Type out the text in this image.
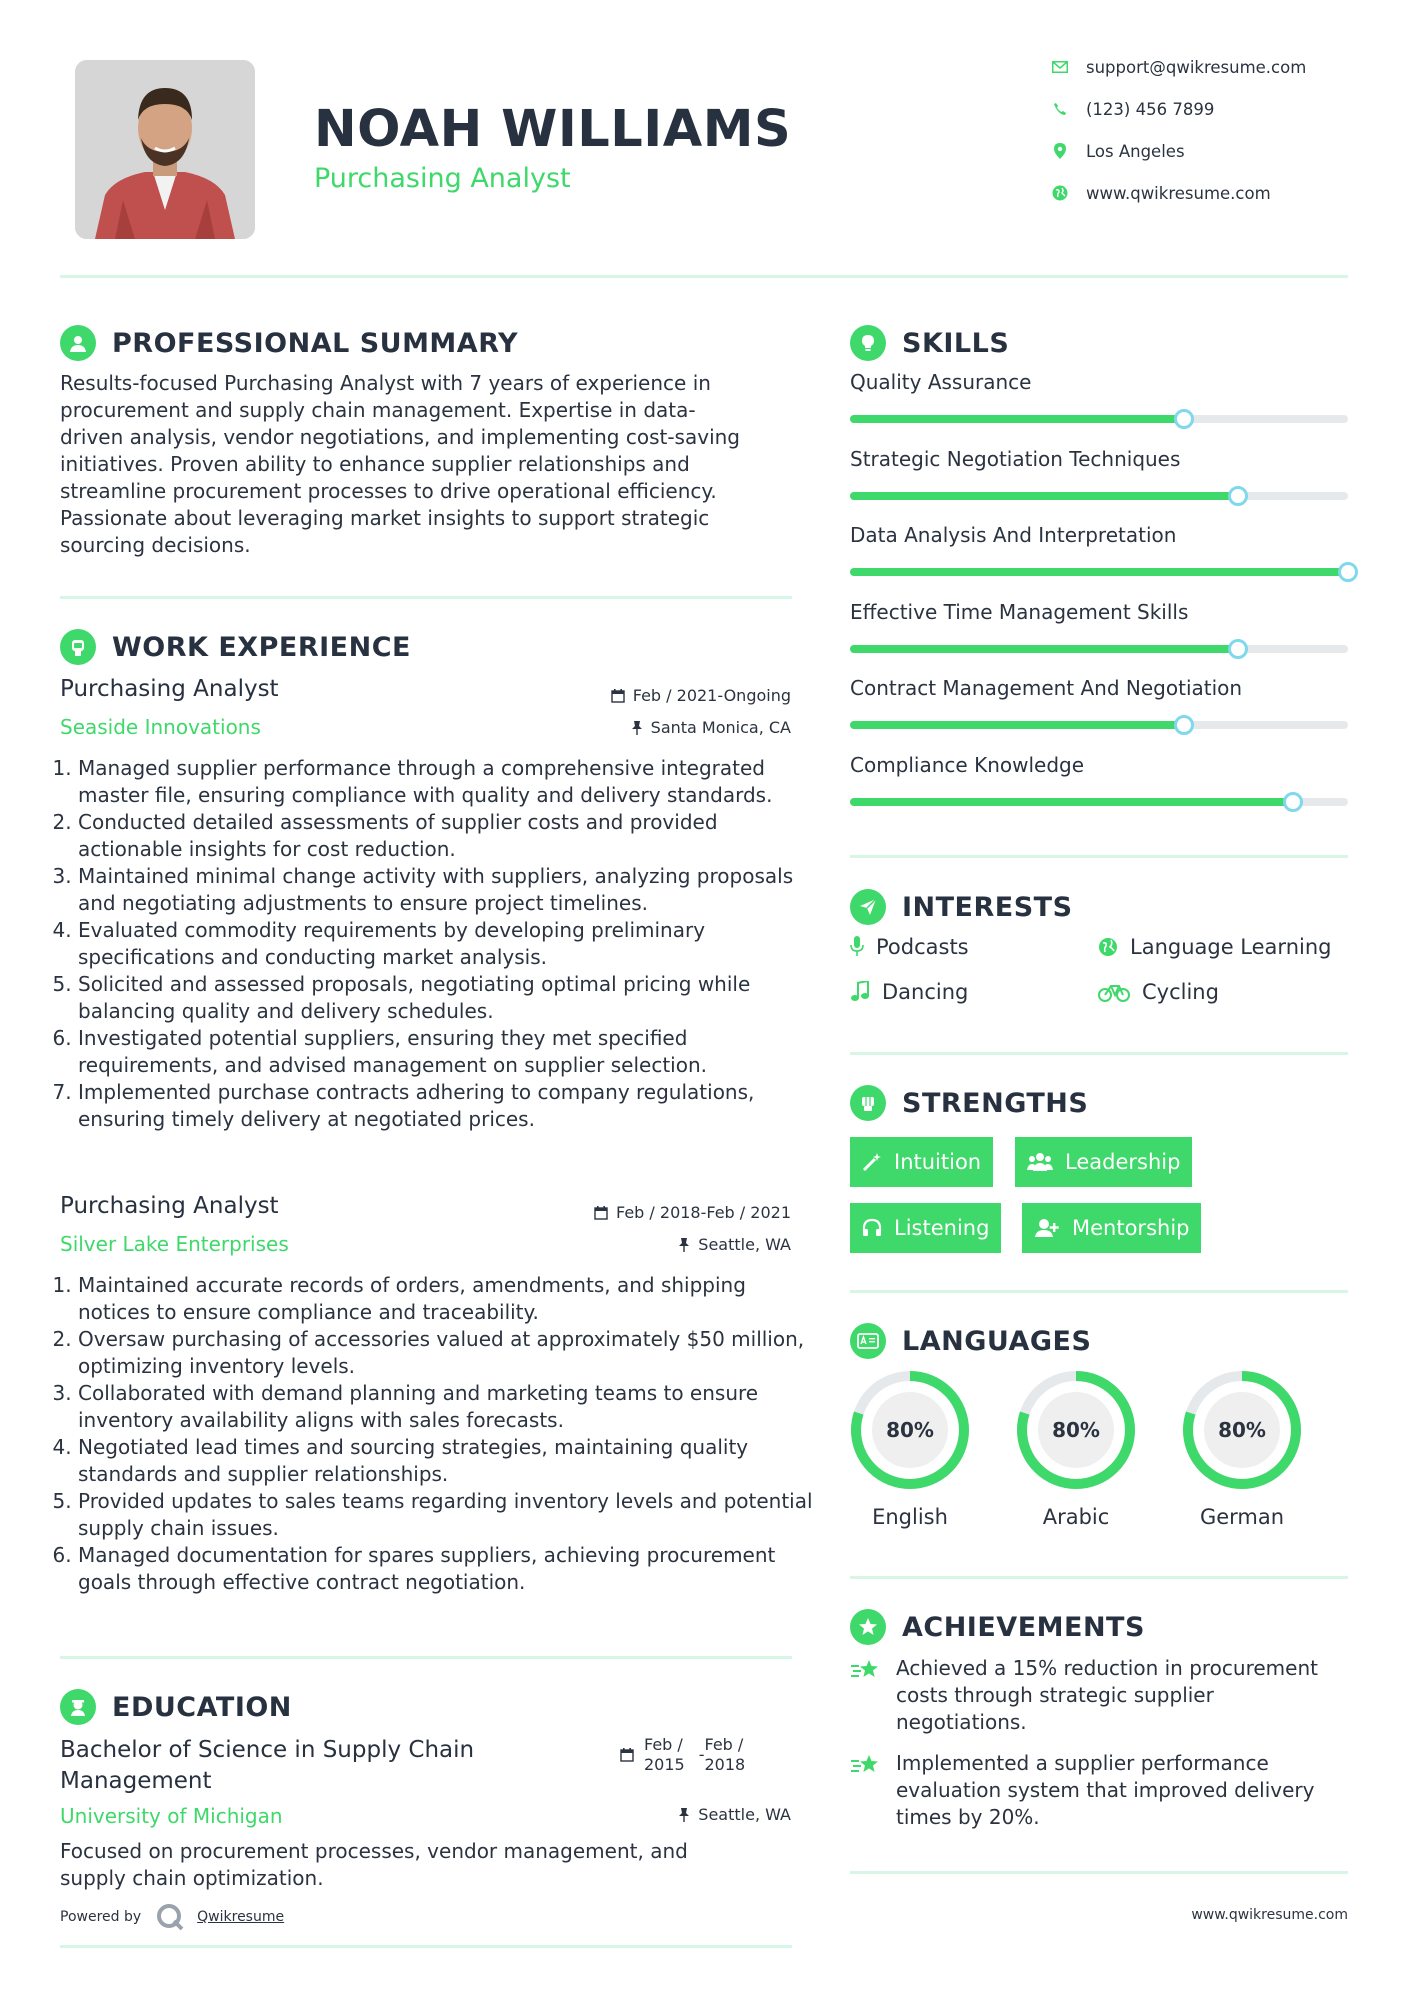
NOAH WILLIAMS
Purchasing Analyst
support@qwikresume.com
(123) 456 7899
Los Angeles
www.qwikresume.com
PROFESSIONAL SUMMARY
Results-focused Purchasing Analyst with 7 years of experience in
procurement and supply chain management. Expertise in data-
driven analysis, vendor negotiations, and implementing cost-saving
initiatives. Proven ability to enhance supplier relationships and
streamline procurement processes to drive operational efficiency.
Passionate about leveraging market insights to support strategic
sourcing decisions.
WORK EXPERIENCE
Purchasing Analyst
Seaside Innovations
Feb / 2021-Ongoing
Santa Monica, CA
1. Managed supplier performance through a comprehensive integrated master file, ensuring compliance with quality and delivery standards.
2. Conducted detailed assessments of supplier costs and provided actionable insights for cost reduction.
3. Maintained minimal change activity with suppliers, analyzing proposals and negotiating adjustments to ensure project timelines.
4. Evaluated commodity requirements by developing preliminary specifications and conducting market analysis.
5. Solicited and assessed proposals, negotiating optimal pricing while balancing quality and delivery schedules.
6. Investigated potential suppliers, ensuring they met specified requirements, and advised management on supplier selection.
7. Implemented purchase contracts adhering to company regulations, ensuring timely delivery at negotiated prices.
Purchasing Analyst
Silver Lake Enterprises
Feb / 2018-Feb / 2021
Seattle, WA
1. Maintained accurate records of orders, amendments, and shipping notices to ensure compliance and traceability.
2. Oversaw purchasing of accessories valued at approximately $50 million, optimizing inventory levels.
3. Collaborated with demand planning and marketing teams to ensure inventory availability aligns with sales forecasts.
4. Negotiated lead times and sourcing strategies, maintaining quality standards and supplier relationships.
5. Provided updates to sales teams regarding inventory levels and potential supply chain issues.
6. Managed documentation for spares suppliers, achieving procurement goals through effective contract negotiation.
EDUCATION
Bachelor of Science in Supply Chain
Management
University of Michigan
Feb /
2015
-
Feb /
2018
Seattle, WA
Focused on procurement processes, vendor management, and
supply chain optimization.
Powered by	Qwikresume	www.qwikresume.com
SKILLS
Quality Assurance
Strategic Negotiation Techniques
Data Analysis And Interpretation
Effective Time Management Skills
Contract Management And Negotiation
Compliance Knowledge
INTERESTS
Podcasts	Language Learning
Dancing	Cycling
STRENGTHS
Intuition	Leadership
Listening	Mentorship
LANGUAGES
80%
English
80%
Arabic
80%
German
ACHIEVEMENTS
Achieved a 15% reduction in procurement
costs through strategic supplier
negotiations.
Implemented a supplier performance
evaluation system that improved delivery
times by 20%.
